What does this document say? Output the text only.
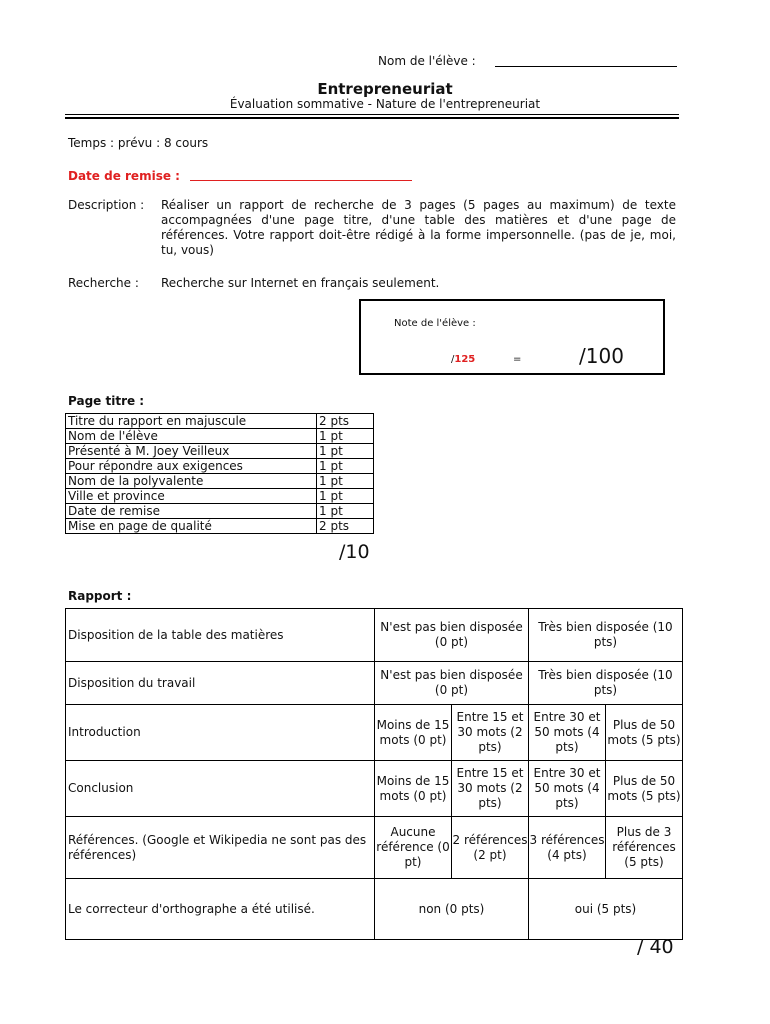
Nom de l'élève :
Entrepreneuriat
Évaluation sommative - Nature de l'entrepreneuriat
Temps : prévu : 8 cours
Date de remise :
Description : Réaliser un rapport de recherche de 3 pages (5 pages au maximum) de texte accompagnées d'une page titre, d'une table des matières et d'une page de références. Votre rapport doit-être rédigé à la forme impersonnelle. (pas de je, moi, tu, vous)
Recherche : Recherche sur Internet en français seulement.
Note de l'élève :
/125	=	/100
Page titre :
Titre du rapport en majuscule	2 pts
Nom de l'élève	1 pt
Présenté à M. Joey Veilleux	1 pt
Pour répondre aux exigences	1 pt
Nom de la polyvalente	1 pt
Ville et province	1 pt
Date de remise	1 pt
Mise en page de qualité	2 pts
/10
Rapport :
Disposition de la table des matières	N'est pas bien disposée (0 pt)		Très bien disposée (10 pts)	
Disposition du travail	N'est pas bien disposée (0 pt)		Très bien disposée (10 pts)	
Introduction	Moins de 15 mots (0 pt)	Entre 15 et 30 mots (2 pts)	Entre 30 et 50 mots (4 pts)	Plus de 50 mots (5 pts)
Conclusion	Moins de 15 mots (0 pt)	Entre 15 et 30 mots (2 pts)	Entre 30 et 50 mots (4 pts)	Plus de 50 mots (5 pts)
Références. (Google et Wikipedia ne sont pas des références)	Aucune référence (0 pt)	2 références (2 pt)	3 références (4 pts)	Plus de 3 références (5 pts)
Le correcteur d'orthographe a été utilisé.	non (0 pts)		oui (5 pts)	
/ 40
